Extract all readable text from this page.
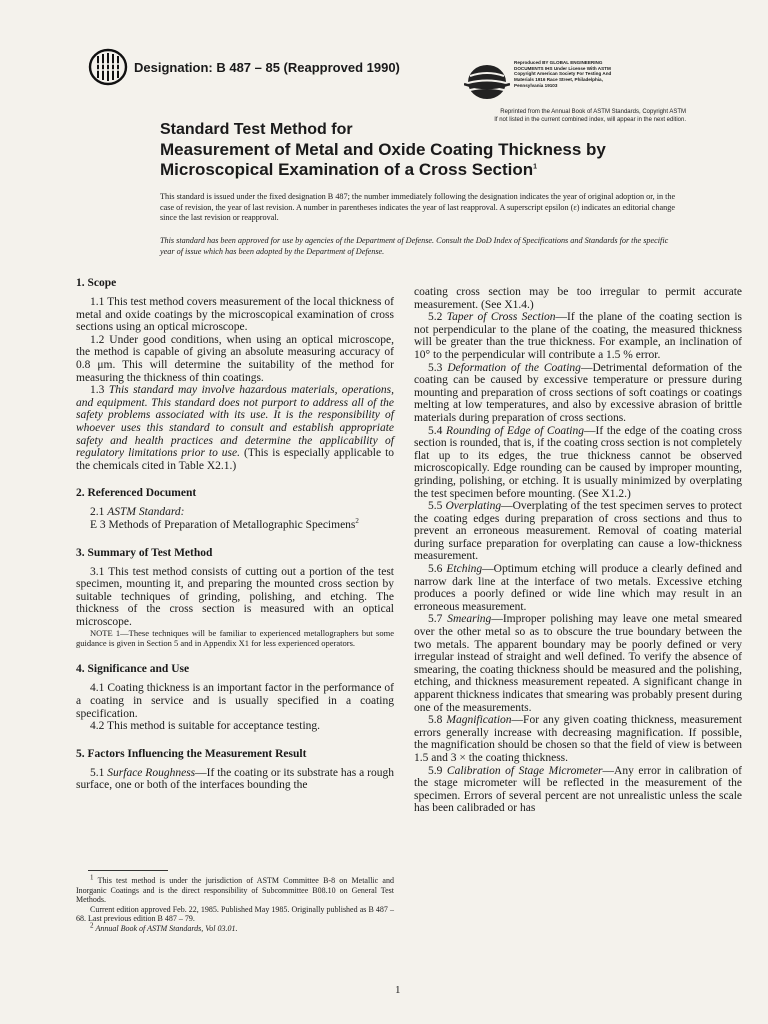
Designation: B 487 – 85 (Reapproved 1990)	Reproduced BY GLOBAL ENGINEERING
DOCUMENTS IHS Under License With ASTM
Copyright American Society For Testing And
Materials 1916 Race Street, Philadelphia,
Pennsylvania 19103
Reprinted from the Annual Book of ASTM Standards, Copyright ASTM
If not listed in the current combined index, will appear in the next edition.
Standard Test Method for
Measurement of Metal and Oxide Coating Thickness by
Microscopical Examination of a Cross Section$^1$

This standard is issued under the fixed designation B 487; the number immediately following the designation indicates the year of original adoption or, in the case of revision, the year of last revision. A number in parentheses indicates the year of last reapproval. A superscript epsilon (ε) indicates an editorial change since the last revision or reapproval.

This standard has been approved for use by agencies of the Department of Defense. Consult the DoD Index of Specifications and Standards for the specific year of issue which has been adopted by the Department of Defense.

1. Scope

1.1 This test method covers measurement of the local thickness of metal and oxide coatings by the microscopical examination of cross sections using an optical microscope.

1.2 Under good conditions, when using an optical microscope, the method is capable of giving an absolute measuring accuracy of 0.8 μm. This will determine the suitability of the method for measuring the thickness of thin coatings.

1.3 This standard may involve hazardous materials, operations, and equipment. This standard does not purport to address all of the safety problems associated with its use. It is the responsibility of whoever uses this standard to consult and establish appropriate safety and health practices and determine the applicability of regulatory limitations prior to use. (This is especially applicable to the chemicals cited in Table X2.1.)

2. Referenced Document

2.1 ASTM Standard:

E 3 Methods of Preparation of Metallographic Specimens$^2$

3. Summary of Test Method

3.1 This test method consists of cutting out a portion of the test specimen, mounting it, and preparing the mounted cross section by suitable techniques of grinding, polishing, and etching. The thickness of the cross section is measured with an optical microscope.

NOTE 1—These techniques will be familiar to experienced metallographers but some guidance is given in Section 5 and in Appendix X1 for less experienced operators.

4. Significance and Use

4.1 Coating thickness is an important factor in the performance of a coating in service and is usually specified in a coating specification.

4.2 This method is suitable for acceptance testing.

5. Factors Influencing the Measurement Result

5.1 Surface Roughness—If the coating or its substrate has a rough surface, one or both of the interfaces bounding the

coating cross section may be too irregular to permit accurate measurement. (See X1.4.)

5.2 Taper of Cross Section—If the plane of the coating section is not perpendicular to the plane of the coating, the measured thickness will be greater than the true thickness. For example, an inclination of 10° to the perpendicular will contribute a 1.5 % error.

5.3 Deformation of the Coating—Detrimental deformation of the coating can be caused by excessive temperature or pressure during mounting and preparation of cross sections of soft coatings or coatings melting at low temperatures, and also by excessive abrasion of brittle materials during preparation of cross sections.

5.4 Rounding of Edge of Coating—If the edge of the coating cross section is rounded, that is, if the coating cross section is not completely flat up to its edges, the true thickness cannot be observed microscopically. Edge rounding can be caused by improper mounting, grinding, polishing, or etching. It is usually minimized by overplating the test specimen before mounting. (See X1.2.)

5.5 Overplating—Overplating of the test specimen serves to protect the coating edges during preparation of cross sections and thus to prevent an erroneous measurement. Removal of coating material during surface preparation for overplating can cause a low-thickness measurement.

5.6 Etching—Optimum etching will produce a clearly defined and narrow dark line at the interface of two metals. Excessive etching produces a poorly defined or wide line which may result in an erroneous measurement.

5.7 Smearing—Improper polishing may leave one metal smeared over the other metal so as to obscure the true boundary between the two metals. The apparent boundary may be poorly defined or very irregular instead of straight and well defined. To verify the absence of smearing, the coating thickness should be measured and the polishing, etching, and thickness measurement repeated. A significant change in apparent thickness indicates that smearing was probably present during one of the measurements.

5.8 Magnification—For any given coating thickness, measurement errors generally increase with decreasing magnification. If possible, the magnification should be chosen so that the field of view is between 1.5 and 3 × the coating thickness.

5.9 Calibration of Stage Micrometer—Any error in calibration of the stage micrometer will be reflected in the measurement of the specimen. Errors of several percent are not unrealistic unless the scale has been calibraded or has

$^1$ This test method is under the jurisdiction of ASTM Committee B-8 on Metallic and Inorganic Coatings and is the direct responsibility of Subcommittee B08.10 on General Test Methods.

Current edition approved Feb. 22, 1985. Published May 1985. Originally published as B 487 – 68. Last previous edition B 487 – 79.

$^2$ Annual Book of ASTM Standards, Vol 03.01.

1
